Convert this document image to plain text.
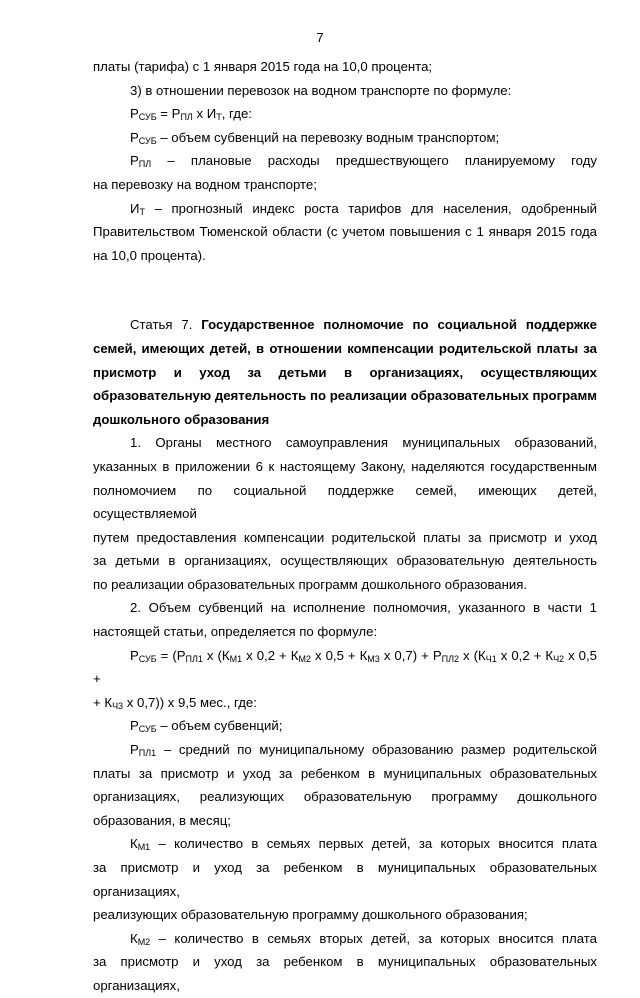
7

платы (тарифа) с 1 января 2015 года на 10,0 процента;

3) в отношении перевозок на водном транспорте по формуле:

$Р_{СУБ} = Р_{ПЛ}$ х $И_Т$, где:

$Р_{СУБ}$ – объем субвенций на перевозку водным транспортом;

$Р_{ПЛ}$ – плановые расходы предшествующего планируемому году

на перевозку на водном транспорте;

$И_Т$ – прогнозный индекс роста тарифов для населения, одобренный

Правительством Тюменской области (с учетом повышения с 1 января 2015 года

на 10,0 процента).

Статья 7. Государственное полномочие по социальной поддержке

семей, имеющих детей, в отношении компенсации родительской платы за

присмотр и уход за детьми в организациях, осуществляющих

образовательную деятельность по реализации образовательных программ

дошкольного образования

1. Органы местного самоуправления муниципальных образований,

указанных в приложении 6 к настоящему Закону, наделяются государственным

полномочием по социальной поддержке семей, имеющих детей, осуществляемой

путем предоставления компенсации родительской платы за присмотр и уход

за детьми в организациях, осуществляющих образовательную деятельность

по реализации образовательных программ дошкольного образования.

2. Объем субвенций на исполнение полномочия, указанного в части 1

настоящей статьи, определяется по формуле:

$Р_{СУБ} = (Р_{ПЛ1}$ х ($К_{М1}$ х $0,2 + К_{М2}$ х $0,5 + К_{М3}$ х $0,7) + Р_{ПЛ2}$ х ($К_{Ч1}$ х $0,2 + К_{Ч2}$ х 0,5 +

+ $К_{Ч3}$ х 0,7)) х 9,5 мес., где:

$Р_{СУБ}$ – объем субвенций;

$Р_{ПЛ1}$ – средний по муниципальному образованию размер родительской

платы за присмотр и уход за ребенком в муниципальных образовательных

организациях, реализующих образовательную программу дошкольного

образования, в месяц;

$К_{М1}$ – количество в семьях первых детей, за которых вносится плата

за присмотр и уход за ребенком в муниципальных образовательных организациях,

реализующих образовательную программу дошкольного образования;

$К_{М2}$ – количество в семьях вторых детей, за которых вносится плата

за присмотр и уход за ребенком в муниципальных образовательных организациях,
